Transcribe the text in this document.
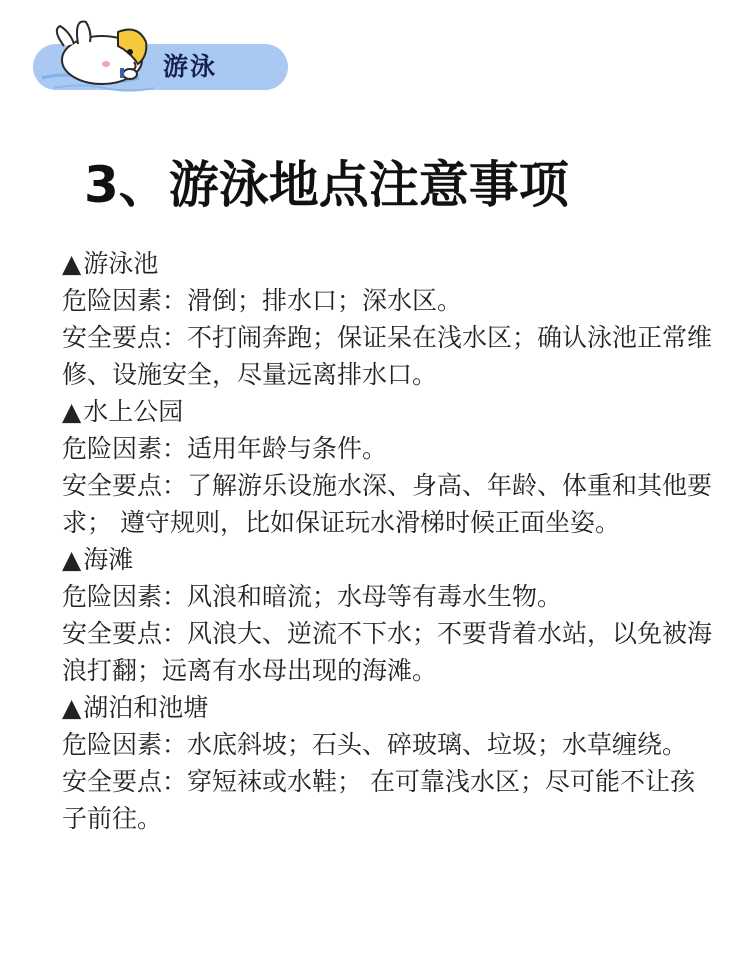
游泳
3、游泳地点注意事项

▲游泳池

危险因素：滑倒；排水口；深水区。

安全要点：不打闹奔跑；保证呆在浅水区；确认泳池正常维修、设施安全，尽量远离排水口。

▲水上公园

危险因素：适用年龄与条件。

安全要点：了解游乐设施水深、身高、年龄、体重和其他要求； 遵守规则，比如保证玩水滑梯时候正面坐姿。

▲海滩

危险因素：风浪和暗流；水母等有毒水生物。

安全要点：风浪大、逆流不下水；不要背着水站，以免被海浪打翻；远离有水母出现的海滩。

▲湖泊和池塘

危险因素：水底斜坡；石头、碎玻璃、垃圾；水草缠绕。

安全要点：穿短袜或水鞋； 在可靠浅水区；尽可能不让孩子前往。
